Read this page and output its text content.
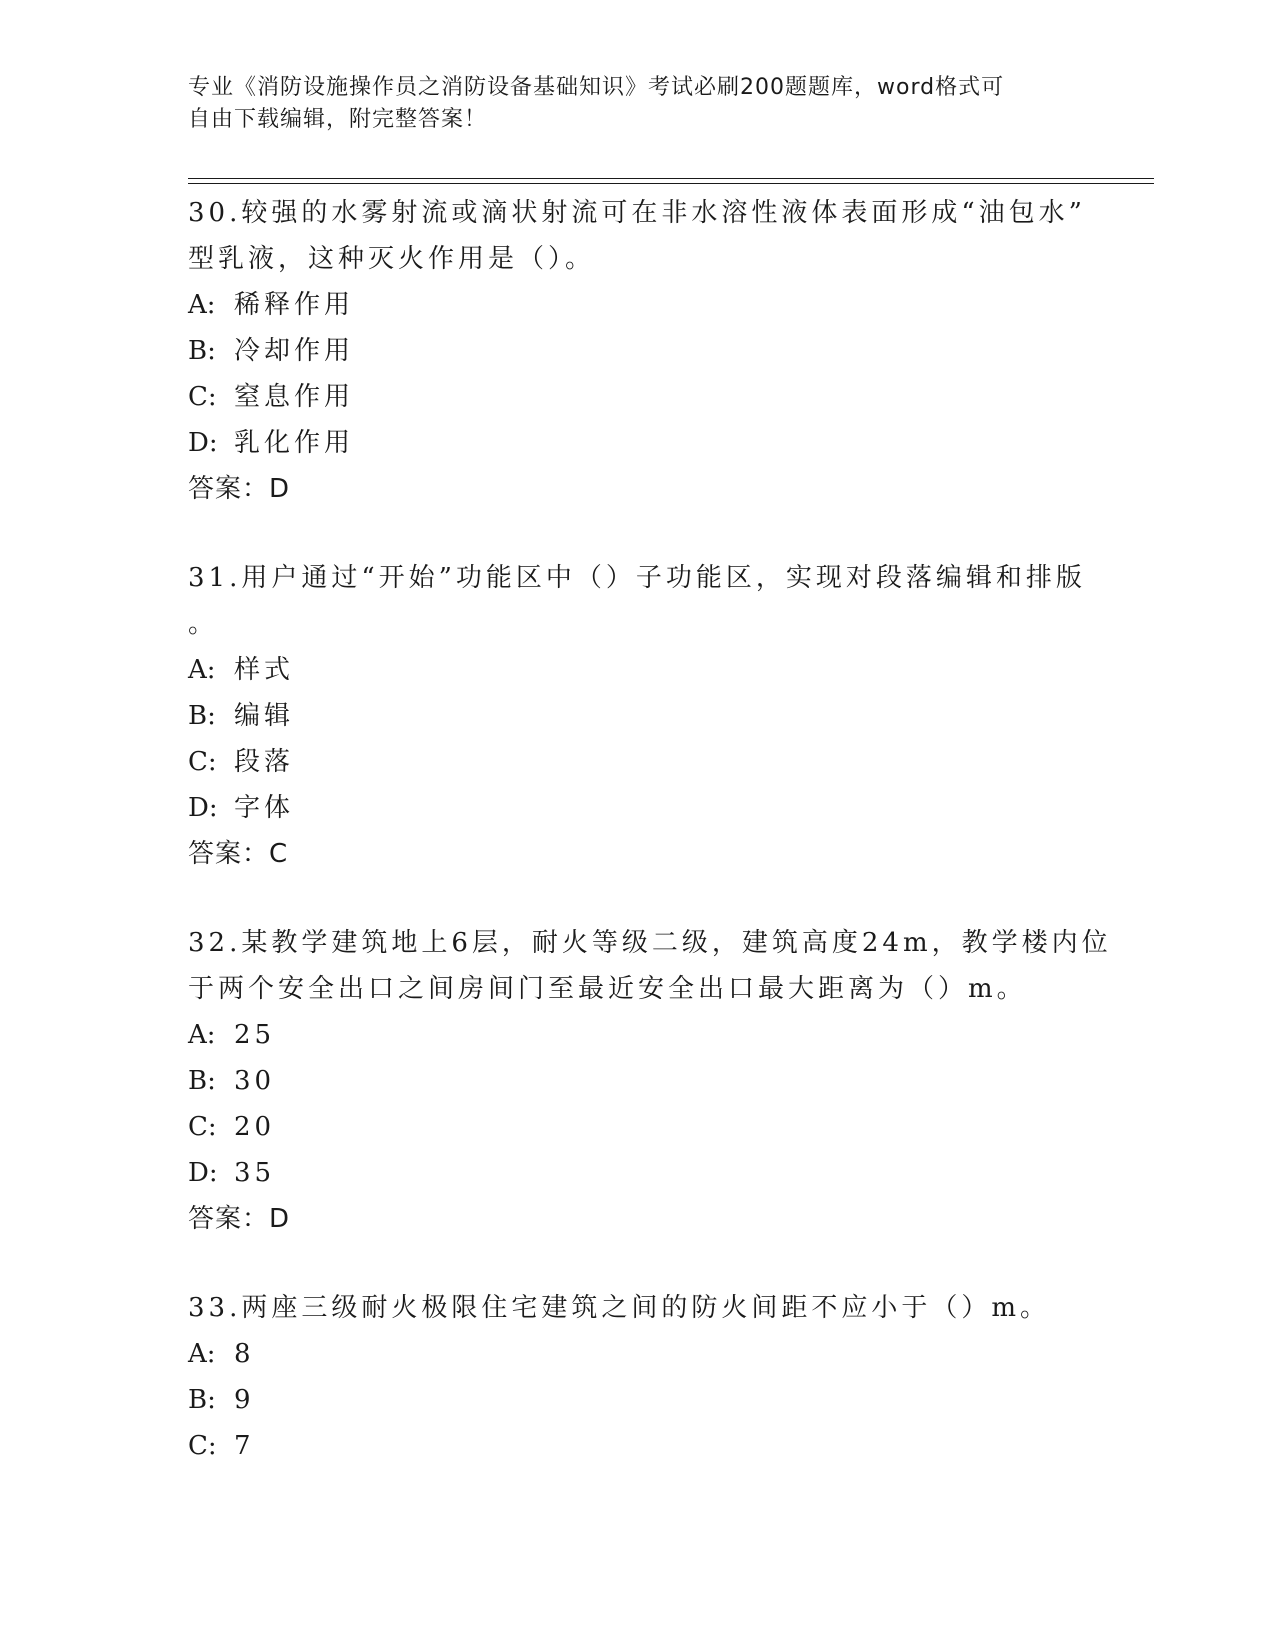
专业《消防设施操作员之消防设备基础知识》考试必刷200题题库，word格式可
自由下载编辑，附完整答案！
30.较强的水雾射流或滴状射流可在非水溶性液体表面形成“油包水”
型乳液，这种灭火作用是（）。
A: 稀释作用
B: 冷却作用
C: 窒息作用
D: 乳化作用
答案：D
31.用户通过“开始”功能区中（）子功能区，实现对段落编辑和排版
。
A: 样式
B: 编辑
C: 段落
D: 字体
答案：C
32.某教学建筑地上6层，耐火等级二级，建筑高度24m，教学楼内位
于两个安全出口之间房间门至最近安全出口最大距离为（）m。
A: 25
B: 30
C: 20
D: 35
答案：D
33.两座三级耐火极限住宅建筑之间的防火间距不应小于（）m。
A: 8
B: 9
C: 7
